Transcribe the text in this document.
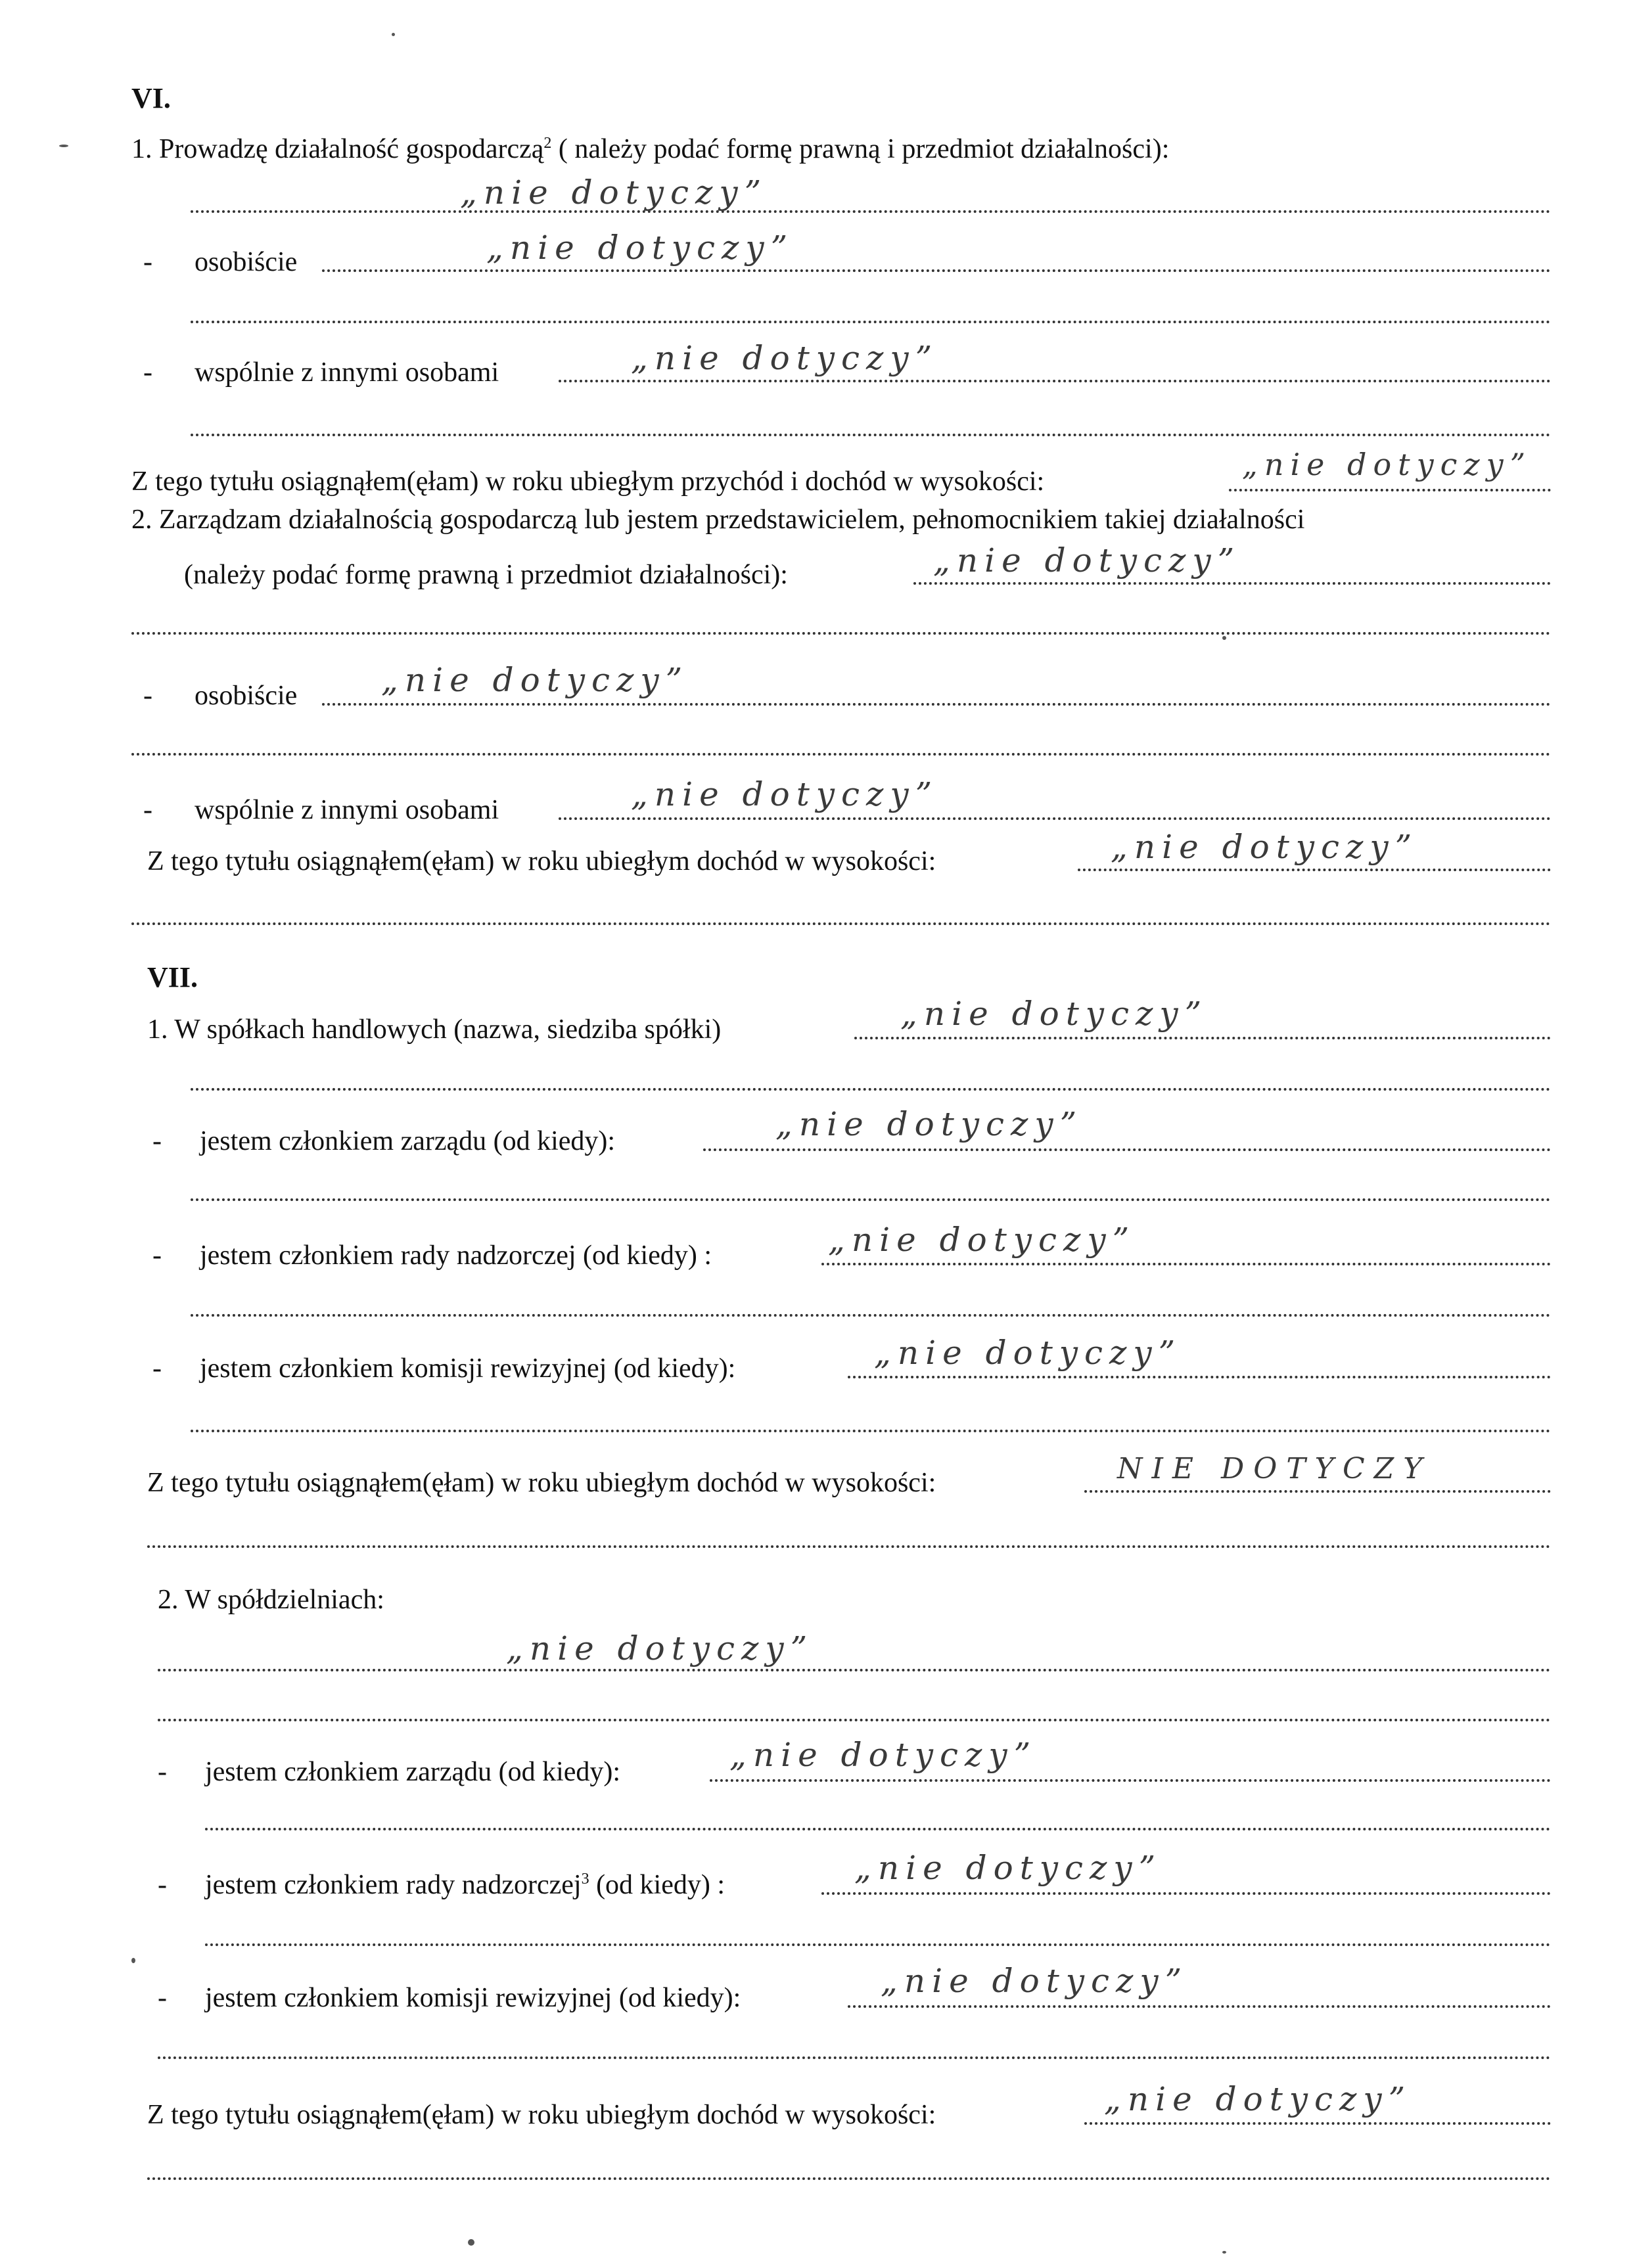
VI.
1. Prowadzę działalność gospodarczą$^2$ ( należy podać formę prawną i przedmiot działalności):
„nie dotyczy”
- osobiście	„nie dotyczy”
- wspólnie z innymi osobami	„nie dotyczy”
Z tego tytułu osiągnąłem(ęłam) w roku ubiegłym przychód i dochód w wysokości:	„nie dotyczy”
2. Zarządzam działalnością gospodarczą lub jestem przedstawicielem, pełnomocnikiem takiej działalności
(należy podać formę prawną i przedmiot działalności):	„nie dotyczy”
- osobiście	„nie dotyczy”
- wspólnie z innymi osobami	„nie dotyczy”
Z tego tytułu osiągnąłem(ęłam) w roku ubiegłym dochód w wysokości:	„nie dotyczy”
VII.
1. W spółkach handlowych (nazwa, siedziba spółki)	„nie dotyczy”
- jestem członkiem zarządu (od kiedy):	„nie dotyczy”
- jestem członkiem rady nadzorczej (od kiedy) :	„nie dotyczy”
- jestem członkiem komisji rewizyjnej (od kiedy):	„nie dotyczy”
Z tego tytułu osiągnąłem(ęłam) w roku ubiegłym dochód w wysokości:	NIE DOTYCZY
2. W spółdzielniach:
„nie dotyczy”
- jestem członkiem zarządu (od kiedy):	„nie dotyczy”
- jestem członkiem rady nadzorczej$^3$ (od kiedy) :	„nie dotyczy”
- jestem członkiem komisji rewizyjnej (od kiedy):	„nie dotyczy”
Z tego tytułu osiągnąłem(ęłam) w roku ubiegłym dochód w wysokości:	„nie dotyczy”
